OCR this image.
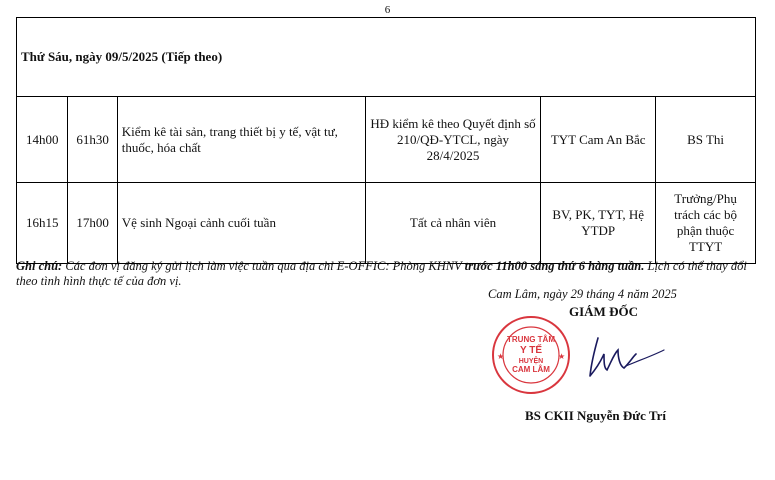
6
Thứ Sáu, ngày 09/5/2025 (Tiếp theo)					
14h00	61h30	Kiểm kê tài sản, trang thiết bị y tế, vật tư, thuốc, hóa chất	HĐ kiểm kê theo Quyết định số 210/QĐ-YTCL, ngày 28/4/2025	TYT Cam An Bắc	BS Thi
16h15	17h00	Vệ sinh Ngoại cảnh cuối tuần	Tất cả nhân viên	BV, PK, TYT, Hệ YTDP	Trưởng/Phụ trách các bộ phận thuộc TTYT
Ghi chú: Các đơn vị đăng ký gửi lịch làm việc tuần qua địa chỉ E-OFFIC: Phòng KHNV trước 11h00 sáng thứ 6 hàng tuần. Lịch có thể thay đổi theo tình hình thực tế của đơn vị.
Cam Lâm, ngày 29 tháng 4 năm 2025
GIÁM ĐỐC
TRUNG TÂM
Y TẾ
HUYỆN
CAM LÂM
★	★
BS CKII Nguyễn Đức Trí
